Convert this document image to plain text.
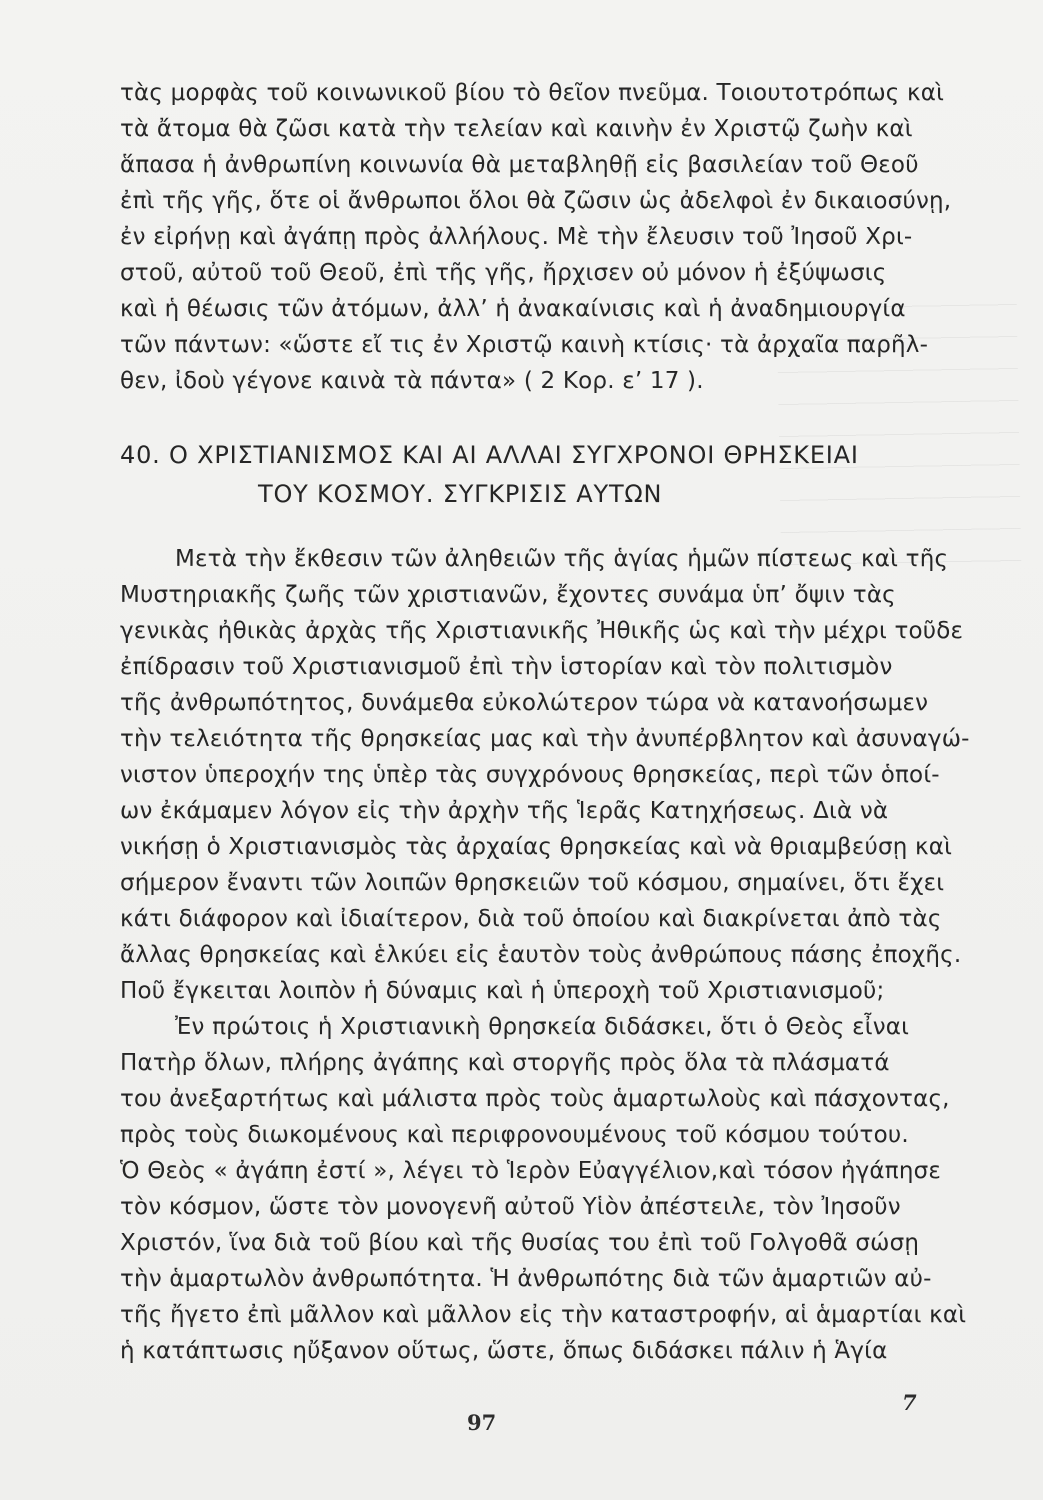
τὰς μορφὰς τοῦ κοινωνικοῦ βίου τὸ θεῖον πνεῦμα. Τοιουτοτρόπως καὶ
τὰ ἄτομα θὰ ζῶσι κατὰ τὴν τελείαν καὶ καινὴν ἐν Χριστῷ ζωὴν καὶ
ἅπασα ἡ ἀνθρωπίνη κοινωνία θὰ μεταβληθῇ εἰς βασιλείαν τοῦ Θεοῦ
ἐπὶ τῆς γῆς, ὅτε οἱ ἄνθρωποι ὅλοι θὰ ζῶσιν ὡς ἀδελφοὶ ἐν δικαιοσύνῃ,
ἐν εἰρήνῃ καὶ ἀγάπῃ πρὸς ἀλλήλους. Μὲ τὴν ἔλευσιν τοῦ Ἰησοῦ Χρι-
στοῦ, αὐτοῦ τοῦ Θεοῦ, ἐπὶ τῆς γῆς, ἤρχισεν οὐ μόνον ἡ ἐξύψωσις
καὶ ἡ θέωσις τῶν ἀτόμων, ἀλλ’ ἡ ἀνακαίνισις καὶ ἡ ἀναδημιουργία
τῶν πάντων: «ὥστε εἴ τις ἐν Χριστῷ καινὴ κτίσις· τὰ ἀρχαῖα παρῆλ-
θεν, ἰδοὺ γέγονε καινὰ τὰ πάντα» ( 2 Κορ. ε’ 17 ).
40. Ο ΧΡΙΣΤΙΑΝΙΣΜΟΣ ΚΑΙ ΑΙ ΑΛΛΑΙ ΣΥΓΧΡΟΝΟΙ ΘΡΗΣΚΕΙΑΙ
ΤΟΥ ΚΟΣΜΟΥ. ΣΥΓΚΡΙΣΙΣ ΑΥΤΩΝ
Μετὰ τὴν ἔκθεσιν τῶν ἀληθειῶν τῆς ἁγίας ἡμῶν πίστεως καὶ τῆς
Μυστηριακῆς ζωῆς τῶν χριστιανῶν, ἔχοντες συνάμα ὑπ’ ὄψιν τὰς
γενικὰς ἠθικὰς ἀρχὰς τῆς Χριστιανικῆς Ἠθικῆς ὡς καὶ τὴν μέχρι τοῦδε
ἐπίδρασιν τοῦ Χριστιανισμοῦ ἐπὶ τὴν ἱστορίαν καὶ τὸν πολιτισμὸν
τῆς ἀνθρωπότητος, δυνάμεθα εὐκολώτερον τώρα νὰ κατανοήσωμεν
τὴν τελειότητα τῆς θρησκείας μας καὶ τὴν ἀνυπέρβλητον καὶ ἀσυναγώ-
νιστον ὑπεροχήν της ὑπὲρ τὰς συγχρόνους θρησκείας, περὶ τῶν ὁποί-
ων ἐκάμαμεν λόγον εἰς τὴν ἀρχὴν τῆς Ἱερᾶς Κατηχήσεως. Διὰ νὰ
νικήσῃ ὁ Χριστιανισμὸς τὰς ἀρχαίας θρησκείας καὶ νὰ θριαμβεύσῃ καὶ
σήμερον ἔναντι τῶν λοιπῶν θρησκειῶν τοῦ κόσμου, σημαίνει, ὅτι ἔχει
κάτι διάφορον καὶ ἰδιαίτερον, διὰ τοῦ ὁποίου καὶ διακρίνεται ἀπὸ τὰς
ἄλλας θρησκείας καὶ ἑλκύει εἰς ἑαυτὸν τοὺς ἀνθρώπους πάσης ἐποχῆς.
Ποῦ ἔγκειται λοιπὸν ἡ δύναμις καὶ ἡ ὑπεροχὴ τοῦ Χριστιανισμοῦ;
Ἐν πρώτοις ἡ Χριστιανικὴ θρησκεία διδάσκει, ὅτι ὁ Θεὸς εἶναι
Πατὴρ ὅλων, πλήρης ἀγάπης καὶ στοργῆς πρὸς ὅλα τὰ πλάσματά
του ἀνεξαρτήτως καὶ μάλιστα πρὸς τοὺς ἁμαρτωλοὺς καὶ πάσχοντας,
πρὸς τοὺς διωκομένους καὶ περιφρονουμένους τοῦ κόσμου τούτου.
Ὁ Θεὸς « ἀγάπη ἐστί », λέγει τὸ Ἱερὸν Εὐαγγέλιον,καὶ τόσον ἠγάπησε
τὸν κόσμον, ὥστε τὸν μονογενῆ αὐτοῦ Υἱὸν ἀπέστειλε, τὸν Ἰησοῦν
Χριστόν, ἵνα διὰ τοῦ βίου καὶ τῆς θυσίας του ἐπὶ τοῦ Γολγοθᾶ σώσῃ
τὴν ἁμαρτωλὸν ἀνθρωπότητα. Ἡ ἀνθρωπότης διὰ τῶν ἁμαρτιῶν αὐ-
τῆς ἤγετο ἐπὶ μᾶλλον καὶ μᾶλλον εἰς τὴν καταστροφήν, αἱ ἁμαρτίαι καὶ
ἡ κατάπτωσις ηὔξανον οὕτως, ὥστε, ὅπως διδάσκει πάλιν ἡ Ἁγία
97
7
